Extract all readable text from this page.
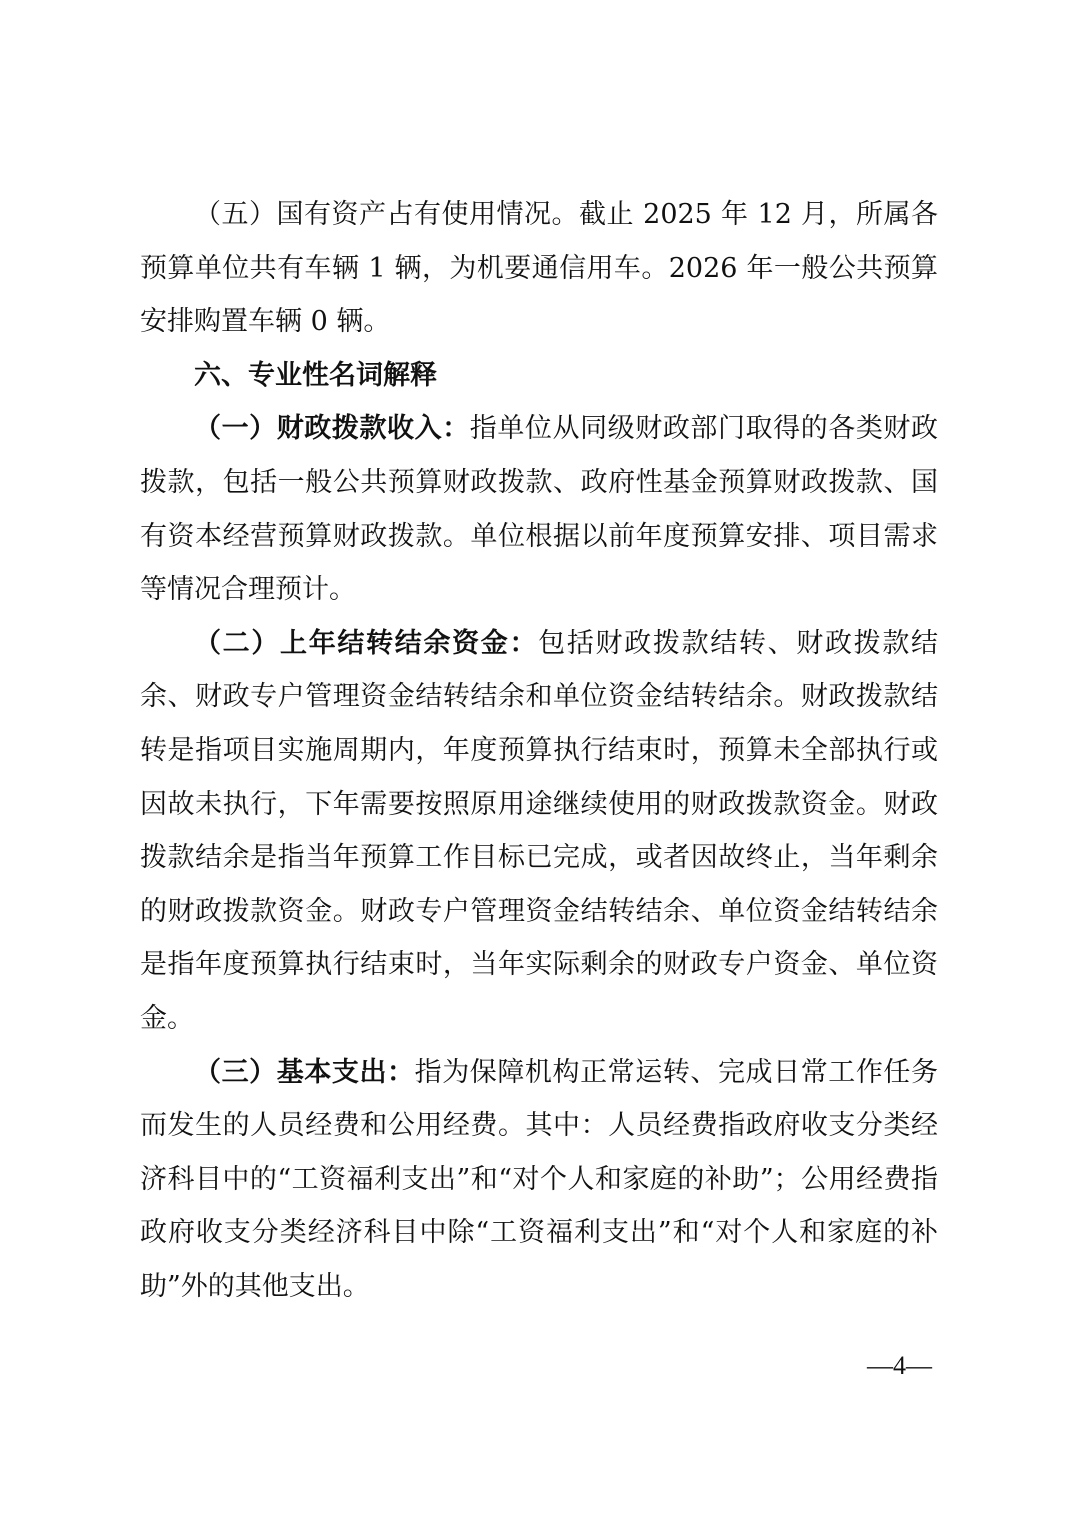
（五）国有资产占有使用情况。截止 2025 年 12 月，所属各预算单位共有车辆 1 辆，为机要通信用车。2026 年一般公共预算安排购置车辆 0 辆。

六、专业性名词解释

（一）财政拨款收入：指单位从同级财政部门取得的各类财政拨款，包括一般公共预算财政拨款、政府性基金预算财政拨款、国有资本经营预算财政拨款。单位根据以前年度预算安排、项目需求等情况合理预计。

（二）上年结转结余资金：包括财政拨款结转、财政拨款结余、财政专户管理资金结转结余和单位资金结转结余。财政拨款结转是指项目实施周期内，年度预算执行结束时，预算未全部执行或因故未执行，下年需要按照原用途继续使用的财政拨款资金。财政拨款结余是指当年预算工作目标已完成，或者因故终止，当年剩余的财政拨款资金。财政专户管理资金结转结余、单位资金结转结余是指年度预算执行结束时，当年实际剩余的财政专户资金、单位资金。

（三）基本支出：指为保障机构正常运转、完成日常工作任务而发生的人员经费和公用经费。其中：人员经费指政府收支分类经济科目中的“工资福利支出”和“对个人和家庭的补助”；公用经费指政府收支分类经济科目中除“工资福利支出”和“对个人和家庭的补助”外的其他支出。

—4—
